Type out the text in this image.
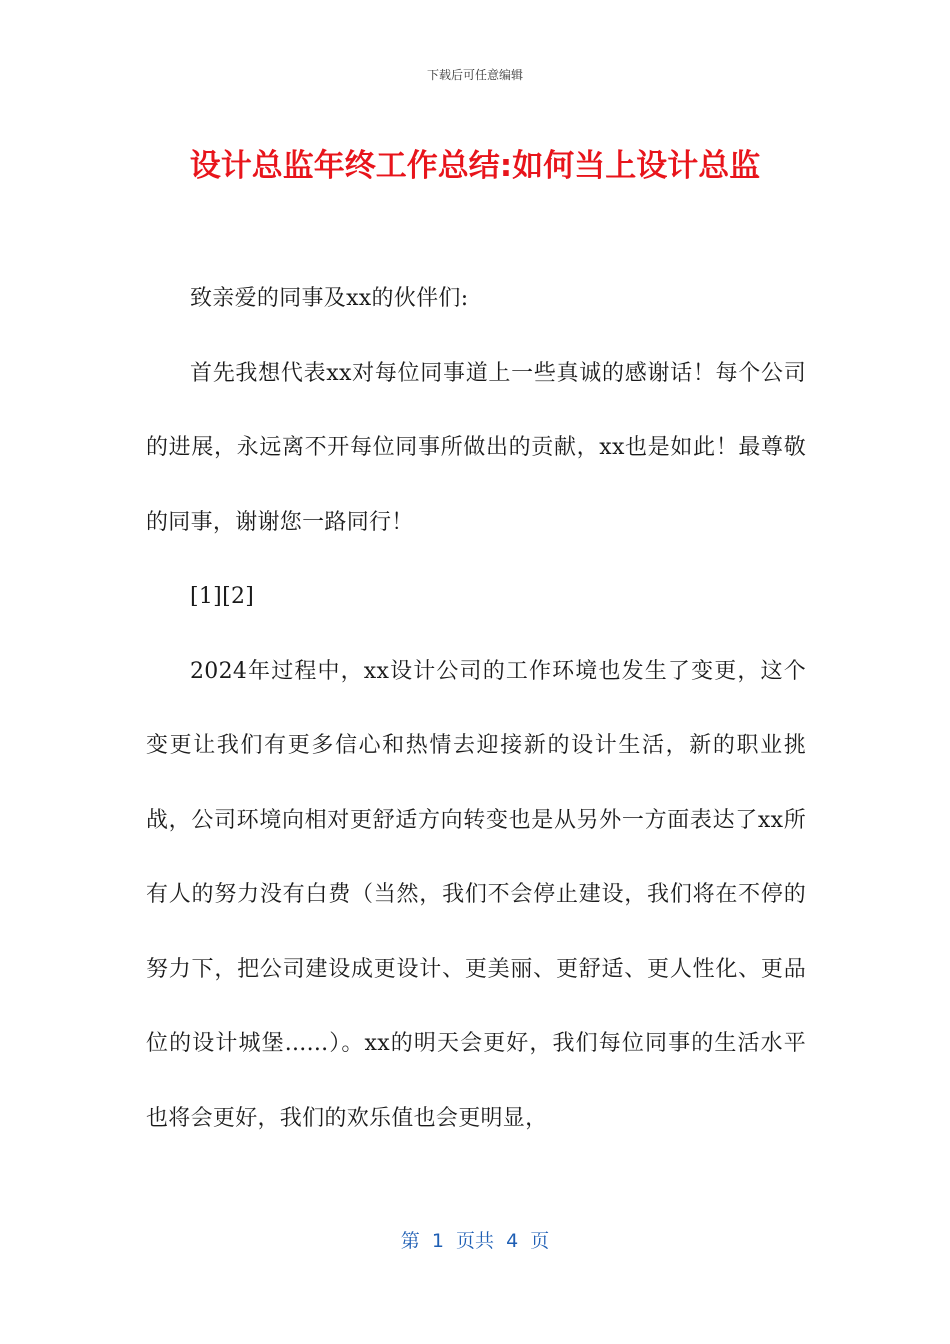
下载后可任意编辑
设计总监年终工作总结:如何当上设计总监

致亲爱的同事及xx的伙伴们:

首先我想代表xx对每位同事道上一些真诚的感谢话！每个公司的进展，永远离不开每位同事所做出的贡献，xx也是如此！最尊敬的同事，谢谢您一路同行！

[1][2]

2024年过程中，xx设计公司的工作环境也发生了变更，这个变更让我们有更多信心和热情去迎接新的设计生活，新的职业挑战，公司环境向相对更舒适方向转变也是从另外一方面表达了xx所有人的努力没有白费（当然，我们不会停止建设，我们将在不停的努力下，把公司建设成更设计、更美丽、更舒适、更人性化、更品位的设计城堡......）。xx的明天会更好，我们每位同事的生活水平也将会更好，我们的欢乐值也会更明显，

第  1  页共  4  页
